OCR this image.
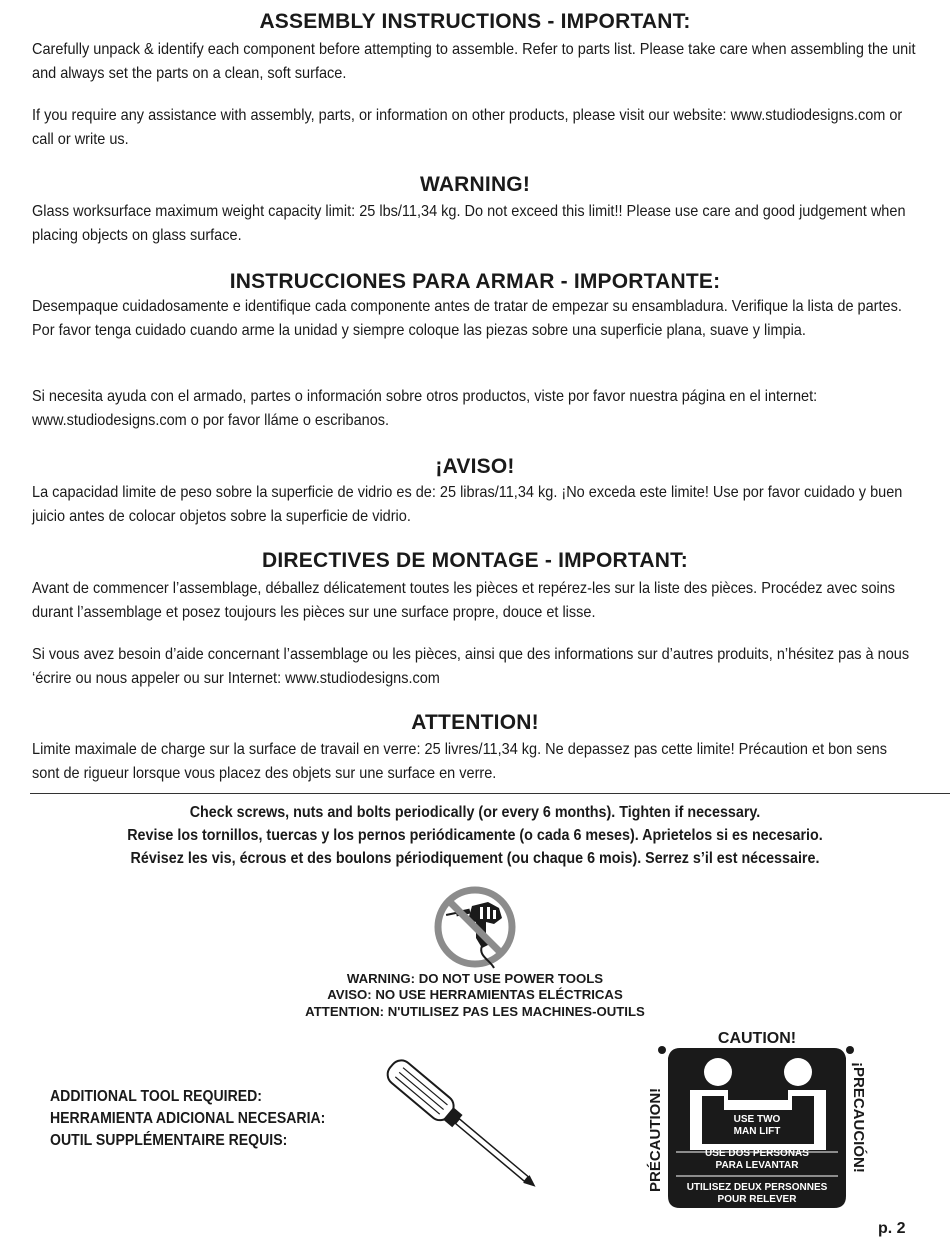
ASSEMBLY INSTRUCTIONS - IMPORTANT:

Carefully unpack & identify each component before attempting to assemble. Refer to parts list. Please take care when assembling the unit and always set the parts on a clean, soft surface.

If you require any assistance with assembly, parts, or information on other products, please visit our website: www.studiodesigns.com or call or write us.

WARNING!

Glass worksurface maximum weight capacity limit: 25 lbs/11,34 kg. Do not exceed this limit!! Please use care and good judgement when placing objects on glass surface.

INSTRUCCIONES PARA ARMAR - IMPORTANTE:

Desempaque cuidadosamente e identifique cada componente antes de tratar de empezar su ensambladura. Verifique la lista de partes. Por favor tenga cuidado cuando arme la unidad y siempre coloque las piezas sobre una superficie plana, suave y limpia.

Si necesita ayuda con el armado, partes o información sobre otros productos, viste por favor nuestra página en el internet: www.studiodesigns.com o por favor lláme o escribanos.

¡AVISO!

La capacidad limite de peso sobre la superficie de vidrio es de: 25 libras/11,34 kg. ¡No exceda este limite! Use por favor cuidado y buen juicio antes de colocar objetos sobre la superficie de vidrio.

DIRECTIVES DE MONTAGE - IMPORTANT:

Avant de commencer l’assemblage, déballez délicatement toutes les pièces et repérez-les sur la liste des pièces. Procédez avec soins durant l’assemblage et posez toujours les pièces sur une surface propre, douce et lisse.

Si vous avez besoin d’aide concernant l’assemblage ou les pièces, ainsi que des informations sur d’autres produits, n’hésitez pas à nous ‘écrire ou nous appeler ou sur Internet: www.studiodesigns.com

ATTENTION!

Limite maximale de charge sur la surface de travail en verre: 25 livres/11,34 kg. Ne depassez pas cette limite! Précaution et bon sens sont de rigueur lorsque vous placez des objets sur une surface en verre.

Check screws, nuts and bolts periodically (or every 6 months). Tighten if necessary.

Revise los tornillos, tuercas y los pernos periódicamente (o cada 6 meses). Aprietelos si es necesario.

Révisez les vis, écrous et des boulons périodiquement (ou chaque 6 mois). Serrez s’il est nécessaire.

WARNING: DO NOT USE POWER TOOLS

AVISO: NO USE HERRAMIENTAS ELÉCTRICAS

ATTENTION: N'UTILISEZ PAS LES MACHINES-OUTILS

ADDITIONAL TOOL REQUIRED:
HERRAMIENTA ADICIONAL NECESARIA:
OUTIL SUPPLÉMENTAIRE REQUIS:
CAUTION!
USE TWO
MAN LIFT
USE DOS PERSONAS
PARA LEVANTAR
UTILISEZ DEUX PERSONNES
POUR RELEVER
PRÉCAUTION!	¡PRECAUCIÓN!

p. 2
